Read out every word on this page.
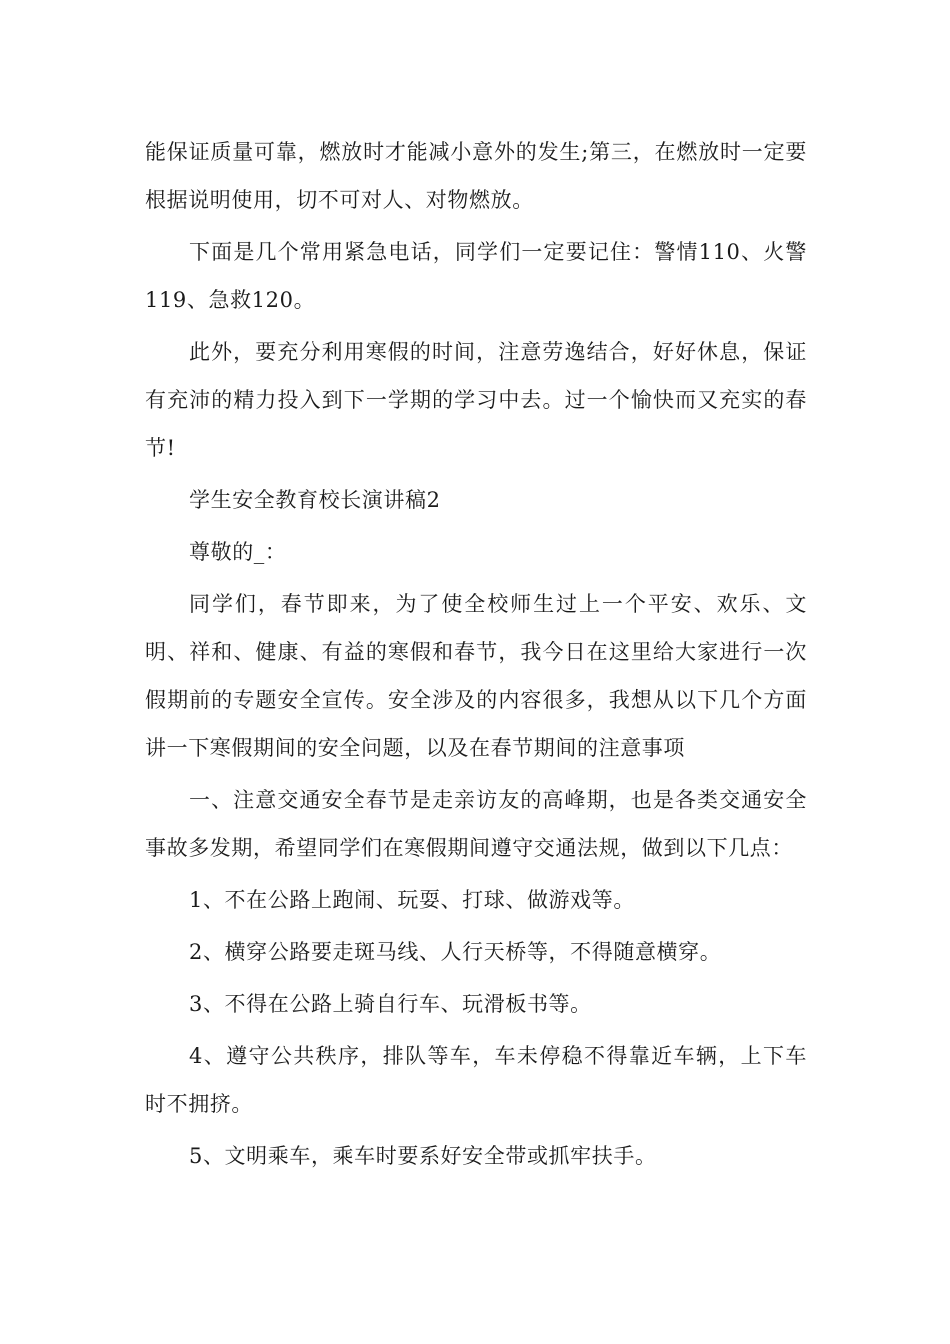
能保证质量可靠，燃放时才能减小意外的发生;第三，在燃放时一定要根据说明使用，切不可对人、对物燃放。

下面是几个常用紧急电话，同学们一定要记住：警情110、火警119、急救120。

此外，要充分利用寒假的时间，注意劳逸结合，好好休息，保证有充沛的精力投入到下一学期的学习中去。过一个愉快而又充实的春节!

学生安全教育校长演讲稿2

尊敬的_：

同学们，春节即来，为了使全校师生过上一个平安、欢乐、文明、祥和、健康、有益的寒假和春节，我今日在这里给大家进行一次假期前的专题安全宣传。安全涉及的内容很多，我想从以下几个方面讲一下寒假期间的安全问题，以及在春节期间的注意事项

一、注意交通安全春节是走亲访友的高峰期，也是各类交通安全事故多发期，希望同学们在寒假期间遵守交通法规，做到以下几点：

1、不在公路上跑闹、玩耍、打球、做游戏等。

2、横穿公路要走斑马线、人行天桥等，不得随意横穿。

3、不得在公路上骑自行车、玩滑板书等。

4、遵守公共秩序，排队等车，车未停稳不得靠近车辆，上下车时不拥挤。

5、文明乘车，乘车时要系好安全带或抓牢扶手。
